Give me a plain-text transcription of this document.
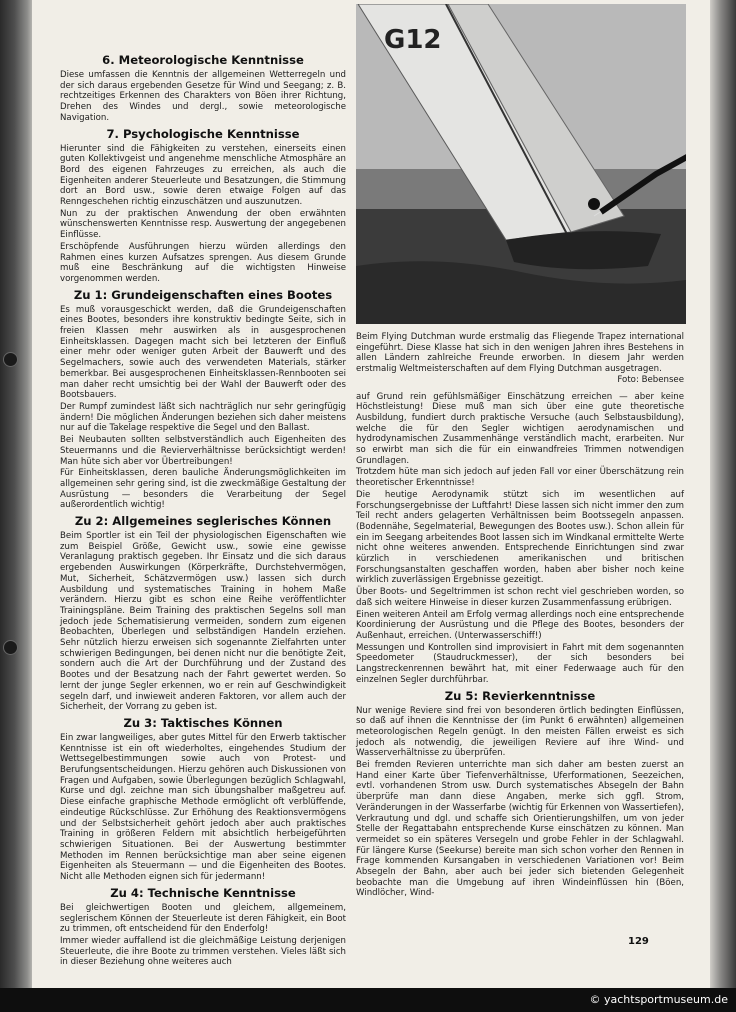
6. Meteorologische Kenntnisse

Diese umfassen die Kenntnis der allgemeinen Wetterregeln und der sich daraus ergebenden Gesetze für Wind und Seegang; z. B. rechtzeitiges Erkennen des Charakters von Böen ihrer Richtung, Drehen des Windes und dergl., sowie meteorologische Navigation.

7. Psychologische Kenntnisse

Hierunter sind die Fähigkeiten zu verstehen, einerseits einen guten Kollektivgeist und angenehme menschliche Atmosphäre an Bord des eigenen Fahrzeuges zu erreichen, als auch die Eigenheiten anderer Steuerleute und Besatzungen, die Stimmung dort an Bord usw., sowie deren etwaige Folgen auf das Renngeschehen richtig einzuschätzen und auszunutzen.

Nun zu der praktischen Anwendung der oben erwähnten wünschenswerten Kenntnisse resp. Auswertung der angegebenen Einflüsse.

Erschöpfende Ausführungen hierzu würden allerdings den Rahmen eines kurzen Aufsatzes sprengen. Aus diesem Grunde muß eine Beschränkung auf die wichtigsten Hinweise vorgenommen werden.

Zu 1: Grundeigenschaften eines Bootes

Es muß vorausgeschickt werden, daß die Grundeigenschaften eines Bootes, besonders ihre konstruktiv bedingte Seite, sich in freien Klassen mehr auswirken als in ausgesprochenen Einheitsklassen. Dagegen macht sich bei letzteren der Einfluß einer mehr oder weniger guten Arbeit der Bauwerft und des Segelmachers, sowie auch des verwendeten Materials, stärker bemerkbar. Bei ausgesprochenen Einheitsklassen-Rennbooten sei man daher recht umsichtig bei der Wahl der Bauwerft oder des Bootsbauers.

Der Rumpf zumindest läßt sich nachträglich nur sehr geringfügig ändern! Die möglichen Änderungen beziehen sich daher meistens nur auf die Takelage respektive die Segel und den Ballast.

Bei Neubauten sollten selbstverständlich auch Eigenheiten des Steuermanns und die Revierverhältnisse berücksichtigt werden! Man hüte sich aber vor Übertreibungen!

Für Einheitsklassen, deren bauliche Änderungsmöglichkeiten im allgemeinen sehr gering sind, ist die zweckmäßige Gestaltung der Ausrüstung — besonders die Verarbeitung der Segel außerordentlich wichtig!

Zu 2: Allgemeines seglerisches Können

Beim Sportler ist ein Teil der physiologischen Eigenschaften wie zum Beispiel Größe, Gewicht usw., sowie eine gewisse Veranlagung praktisch gegeben. Ihr Einsatz und die sich daraus ergebenden Auswirkungen (Körperkräfte, Durchstehvermögen, Mut, Sicherheit, Schätzvermögen usw.) lassen sich durch Ausbildung und systematisches Training in hohem Maße verändern. Hierzu gibt es schon eine Reihe veröffentlichter Trainingspläne. Beim Training des praktischen Segelns soll man jedoch jede Schematisierung vermeiden, sondern zum eigenen Beobachten, Überlegen und selbständigen Handeln erziehen. Sehr nützlich hierzu erweisen sich sogenannte Zielfahrten unter schwierigen Bedingungen, bei denen nicht nur die benötigte Zeit, sondern auch die Art der Durchführung und der Zustand des Bootes und der Besatzung nach der Fahrt gewertet werden. So lernt der junge Segler erkennen, wo er rein auf Geschwindigkeit segeln darf, und inwieweit anderen Faktoren, vor allem auch der Sicherheit, der Vorrang zu geben ist.

Zu 3: Taktisches Können

Ein zwar langweiliges, aber gutes Mittel für den Erwerb taktischer Kenntnisse ist ein oft wiederholtes, eingehendes Studium der Wettsegelbestimmungen sowie auch von Protest- und Berufungsentscheidungen. Hierzu gehören auch Diskussionen von Fragen und Aufgaben, sowie Überlegungen bezüglich Schlagwahl, Kurse und dgl. zeichne man sich übungshalber maßgetreu auf. Diese einfache graphische Methode ermöglicht oft verblüffende, eindeutige Rückschlüsse. Zur Erhöhung des Reaktionsvermögens und der Selbstsicherheit gehört jedoch aber auch praktisches Training in größeren Feldern mit absichtlich herbeigeführten schwierigen Situationen. Bei der Auswertung bestimmter Methoden im Rennen berücksichtige man aber seine eigenen Eigenheiten als Steuermann — und die Eigenheiten des Bootes. Nicht alle Methoden eignen sich für jedermann!

Zu 4: Technische Kenntnisse

Bei gleichwertigen Booten und gleichem, allgemeinem, seglerischem Können der Steuerleute ist deren Fähigkeit, ein Boot zu trimmen, oft entscheidend für den Enderfolg!

Immer wieder auffallend ist die gleichmäßige Leistung derjenigen Steuerleute, die ihre Boote zu trimmen verstehen. Vieles läßt sich in dieser Beziehung ohne weiteres auch

G12

Beim Flying Dutchman wurde erstmalig das Fliegende Trapez international eingeführt. Diese Klasse hat sich in den wenigen Jahren ihres Bestehens in allen Ländern zahlreiche Freunde erworben. In diesem Jahr werden erstmalig Weltmeisterschaften auf dem Flying Dutchman ausgetragen.
Foto: Bebensee

auf Grund rein gefühlsmäßiger Einschätzung erreichen — aber keine Höchstleistung! Diese muß man sich über eine gute theoretische Ausbildung, fundiert durch praktische Versuche (auch Selbstausbildung), welche die für den Segler wichtigen aerodynamischen und hydrodynamischen Zusammenhänge verständlich macht, erarbeiten. Nur so erwirbt man sich die für ein einwandfreies Trimmen notwendigen Grundlagen.

Trotzdem hüte man sich jedoch auf jeden Fall vor einer Überschätzung rein theoretischer Erkenntnisse!

Die heutige Aerodynamik stützt sich im wesentlichen auf Forschungsergebnisse der Luftfahrt! Diese lassen sich nicht immer den zum Teil recht anders gelagerten Verhältnissen beim Bootssegeln anpassen. (Bodennähe, Segelmaterial, Bewegungen des Bootes usw.). Schon allein für ein im Seegang arbeitendes Boot lassen sich im Windkanal ermittelte Werte nicht ohne weiteres anwenden. Entsprechende Einrichtungen sind zwar kürzlich in verschiedenen amerikanischen und britischen Forschungsanstalten geschaffen worden, haben aber bisher noch keine wirklich zuverlässigen Ergebnisse gezeitigt.

Über Boots- und Segeltrimmen ist schon recht viel geschrieben worden, so daß sich weitere Hinweise in dieser kurzen Zusammenfassung erübrigen.

Einen weiteren Anteil am Erfolg vermag allerdings noch eine entsprechende Koordinierung der Ausrüstung und die Pflege des Bootes, besonders der Außenhaut, erreichen. (Unterwasserschiff!)

Messungen und Kontrollen sind improvisiert in Fahrt mit dem sogenannten Speedometer (Staudruckmesser), der sich besonders bei Langstreckenrennen bewährt hat, mit einer Federwaage auch für den einzelnen Segler durchführbar.

Zu 5: Revierkenntnisse

Nur wenige Reviere sind frei von besonderen örtlich bedingten Einflüssen, so daß auf ihnen die Kenntnisse der (im Punkt 6 erwähnten) allgemeinen meteorologischen Regeln genügt. In den meisten Fällen erweist es sich jedoch als notwendig, die jeweiligen Reviere auf ihre Wind- und Wasserverhältnisse zu überprüfen.

Bei fremden Revieren unterrichte man sich daher am besten zuerst an Hand einer Karte über Tiefenverhältnisse, Uferformationen, Seezeichen, evtl. vorhandenen Strom usw. Durch systematisches Absegeln der Bahn überprüfe man dann diese Angaben, merke sich ggfl. Strom, Veränderungen in der Wasserfarbe (wichtig für Erkennen von Wassertiefen), Verkrautung und dgl. und schaffe sich Orientierungshilfen, um von jeder Stelle der Regattabahn entsprechende Kurse einschätzen zu können. Man vermeidet so ein späteres Versegeln und grobe Fehler in der Schlagwahl. Für längere Kurse (Seekurse) bereite man sich schon vorher den Rennen in Frage kommenden Kursangaben in verschiedenen Variationen vor! Beim Absegeln der Bahn, aber auch bei jeder sich bietenden Gelegenheit beobachte man die Umgebung auf ihren Windeinflüssen hin (Böen, Windlöcher, Wind-

129
© yachtsportmuseum.de
